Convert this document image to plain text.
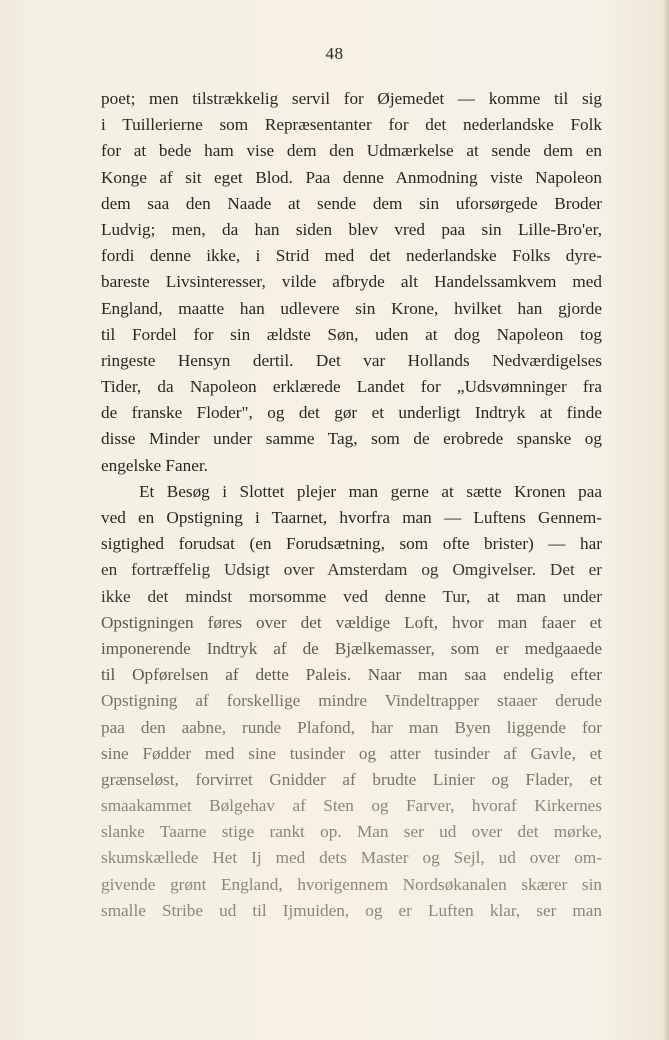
48
poet; men tilstrækkelig servil for Øjemedet — komme til sig
i Tuillerierne som Repræsentanter for det nederlandske Folk
for at bede ham vise dem den Udmærkelse at sende dem en
Konge af sit eget Blod. Paa denne Anmodning viste Napoleon
dem saa den Naade at sende dem sin uforsørgede Broder
Ludvig; men, da han siden blev vred paa sin Lille-Bro'er,
fordi denne ikke, i Strid med det nederlandske Folks dyre-
bareste Livsinteresser, vilde afbryde alt Handelssamkvem med
England, maatte han udlevere sin Krone, hvilket han gjorde
til Fordel for sin ældste Søn, uden at dog Napoleon tog
ringeste Hensyn dertil. Det var Hollands Nedværdigelses
Tider, da Napoleon erklærede Landet for „Udsvømninger fra
de franske Floder", og det gør et underligt Indtryk at finde
disse Minder under samme Tag, som de erobrede spanske og
engelske Faner.
Et Besøg i Slottet plejer man gerne at sætte Kronen paa
ved en Opstigning i Taarnet, hvorfra man — Luftens Gennem-
sigtighed forudsat (en Forudsætning, som ofte brister) — har
en fortræffelig Udsigt over Amsterdam og Omgivelser. Det er
ikke det mindst morsomme ved denne Tur, at man under
Opstigningen føres over det vældige Loft, hvor man faaer et
imponerende Indtryk af de Bjælkemasser, som er medgaaede
til Opførelsen af dette Paleis. Naar man saa endelig efter
Opstigning af forskellige mindre Vindeltrapper staaer derude
paa den aabne, runde Plafond, har man Byen liggende for
sine Fødder med sine tusinder og atter tusinder af Gavle, et
grænseløst, forvirret Gnidder af brudte Linier og Flader, et
smaakammet Bølgehav af Sten og Farver, hvoraf Kirkernes
slanke Taarne stige rankt op. Man ser ud over det mørke,
skumskællede Het Ij med dets Master og Sejl, ud over om-
givende grønt England, hvorigennem Nordsøkanalen skærer sin
smalle Stribe ud til Ijmuiden, og er Luften klar, ser man
